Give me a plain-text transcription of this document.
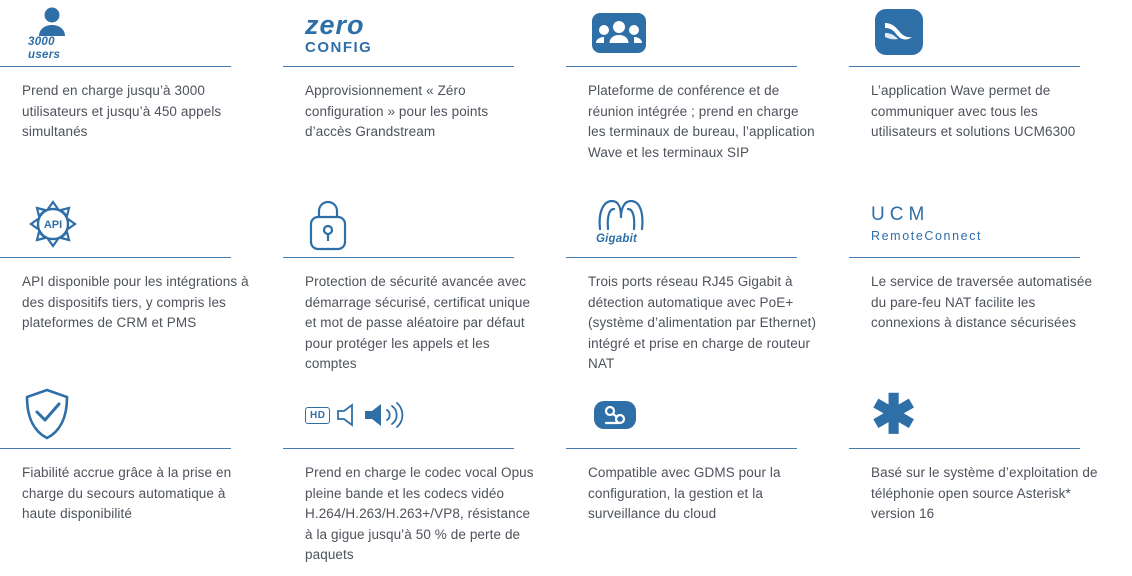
3000
users
Prend en charge jusqu’à 3000 utilisateurs et jusqu’à 450 appels simultanés
zero
CONFIG
Approvisionnement « Zéro configuration » pour les points d’accès Grandstream
Plateforme de conférence et de réunion intégrée ; prend en charge les terminaux de bureau, l’application Wave et les terminaux SIP
L’application Wave permet de communiquer avec tous les utilisateurs et solutions UCM6300
API
API disponible pour les intégrations à des dispositifs tiers, y compris les plateformes de CRM et PMS
Protection de sécurité avancée avec démarrage sécurisé, certificat unique et mot de passe aléatoire par défaut pour protéger les appels et les comptes
Gigabit
Trois ports réseau RJ45 Gigabit à détection automatique avec PoE+ (système d’alimentation par Ethernet) intégré et prise en charge de routeur NAT
UCM
RemoteConnect
Le service de traversée automatisée du pare-feu NAT facilite les connexions à distance sécurisées
Fiabilité accrue grâce à la prise en charge du secours automatique à haute disponibilité
HD
Prend en charge le codec vocal Opus pleine bande et les codecs vidéo H.264/H.263/H.263+/VP8, résistance à la gigue jusqu’à 50 % de perte de paquets
Compatible avec GDMS pour la configuration, la gestion et la surveillance du cloud
✱
Basé sur le système d’exploitation de téléphonie open source Asterisk* version 16
